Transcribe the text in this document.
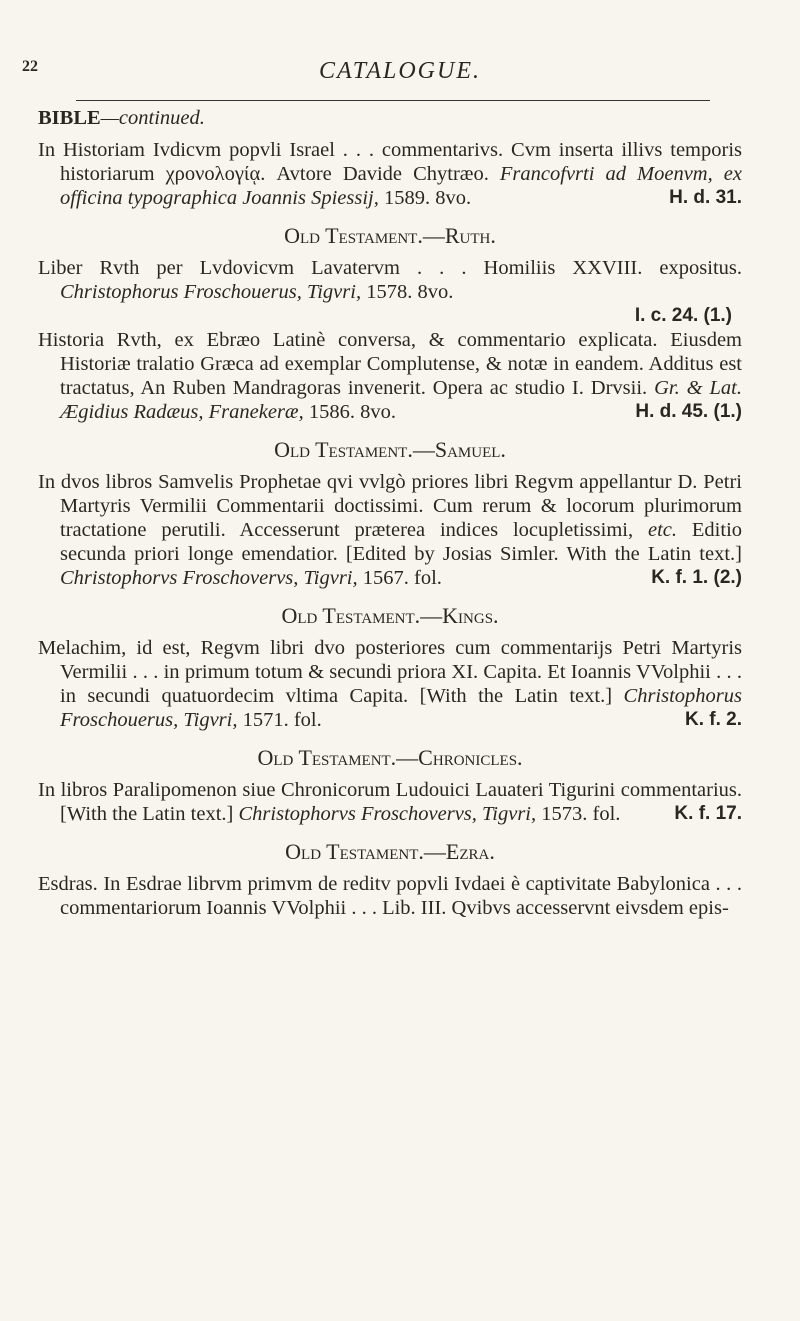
22	CATALOGUE.

BIBLE—continued.

In Historiam Ivdicvm popvli Israel . . . commentarivs. Cvm inserta illivs temporis historiarum χρονολογίᾳ. Avtore Davide Chytræo. Francofvrti ad Moenvm, ex officina typographica Joannis Spiessij, 1589. 8vo.	H. d. 31.

Old Testament.—Ruth.

Liber Rvth per Lvdovicvm Lavatervm . . . Homiliis XXVIII. expositus. Christophorus Froschouerus, Tigvri, 1578. 8vo.

I. c. 24. (1.)

Historia Rvth, ex Ebræo Latinè conversa, & commentario explicata. Eiusdem Historiæ tralatio Græca ad exemplar Complutense, & notæ in eandem. Additus est tractatus, An Ruben Mandragoras invenerit. Opera ac studio I. Drvsii. Gr. & Lat. Ægidius Radæus, Franekeræ, 1586. 8vo.	H. d. 45. (1.)

Old Testament.—Samuel.

In dvos libros Samvelis Prophetae qvi vvlgò priores libri Regvm appellantur D. Petri Martyris Vermilii Commentarii doctissimi. Cum rerum & locorum plurimorum tractatione perutili. Accesserunt præterea indices locupletissimi, etc. Editio secunda priori longe emendatior. [Edited by Josias Simler. With the Latin text.] Christophorvs Froschovervs, Tigvri, 1567. fol.	K. f. 1. (2.)

Old Testament.—Kings.

Melachim, id est, Regvm libri dvo posteriores cum commentarijs Petri Martyris Vermilii . . . in primum totum & secundi priora XI. Capita. Et Ioannis VVolphii . . . in secundi quatuordecim vltima Capita. [With the Latin text.] Christophorus Froschouerus, Tigvri, 1571. fol.	K. f. 2.

Old Testament.—Chronicles.

In libros Paralipomenon siue Chronicorum Ludouici Lauateri Tigurini commentarius. [With the Latin text.] Christophorvs Froschovervs, Tigvri, 1573. fol.	K. f. 17.

Old Testament.—Ezra.

Esdras. In Esdrae librvm primvm de reditv popvli Ivdaei è captivitate Babylonica . . . commentariorum Ioannis VVolphii . . . Lib. III. Qvibvs accesservnt eivsdem epis-
